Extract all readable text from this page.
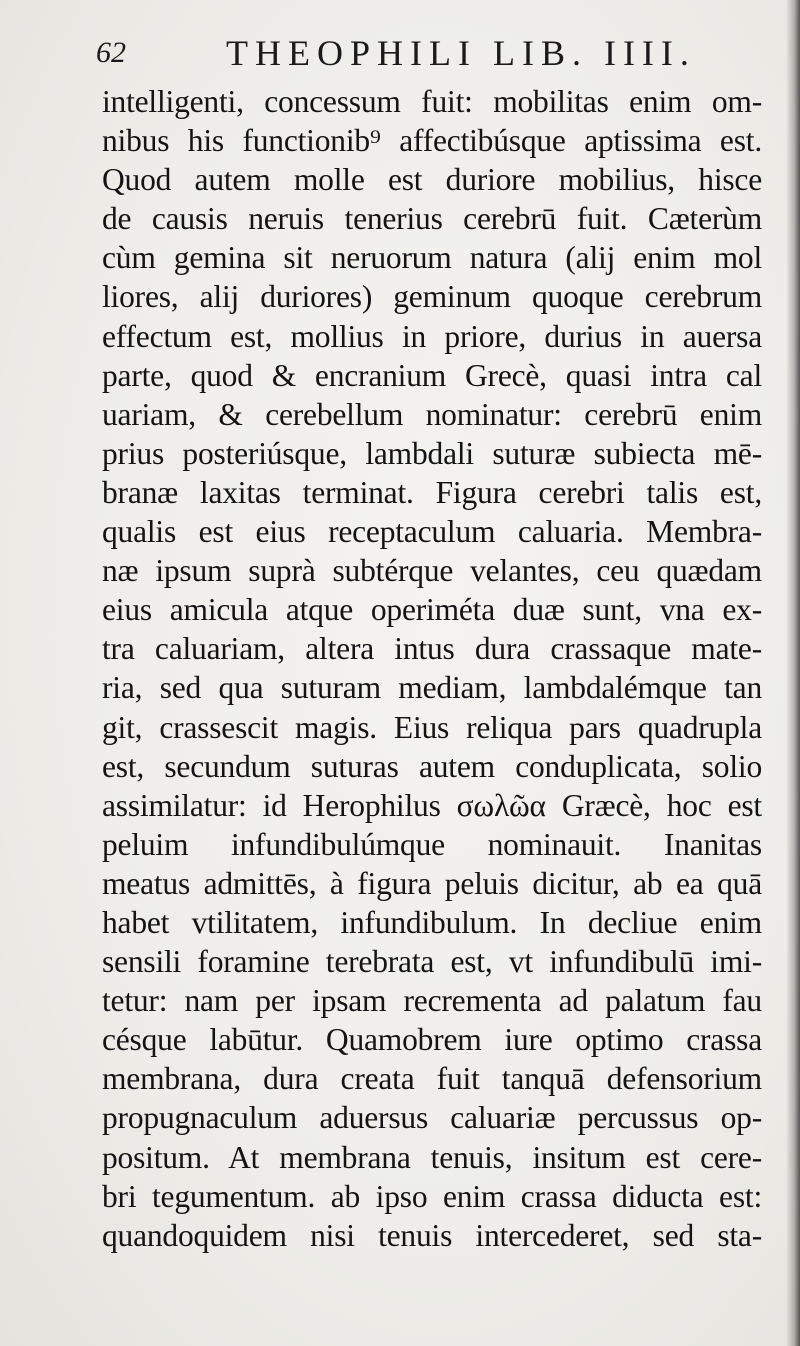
62	THEOPHILI LIB. IIII.
intelligenti, concessum fuit: mobilitas enim om-
nibus his functionib⁹ affectibúsque aptissima est.
Quod autem molle est duriore mobilius, hisce
de causis neruis tenerius cerebrū fuit. Cæterùm
cùm gemina sit neruorum natura (alij enim mol
liores, alij duriores) geminum quoque cerebrum
effectum est, mollius in priore, durius in auersa
parte, quod & encranium Grecè, quasi intra cal
uariam, & cerebellum nominatur: cerebrū enim
prius posteriúsque, lambdali suturæ subiecta mē-
branæ laxitas terminat. Figura cerebri talis est,
qualis est eius receptaculum caluaria. Membra-
næ ipsum suprà subtérque velantes, ceu quædam
eius amicula atque operiméta duæ sunt, vna ex-
tra caluariam, altera intus dura crassaque mate-
ria, sed qua suturam mediam, lambdalémque tan
git, crassescit magis. Eius reliqua pars quadrupla
est, secundum suturas autem conduplicata, solio
assimilatur: id Herophilus σωλῶα Græcè, hoc est
peluim infundibulúmque nominauit. Inanitas
meatus admittēs, à figura peluis dicitur, ab ea quā
habet vtilitatem, infundibulum. In decliue enim
sensili foramine terebrata est, vt infundibulū imi-
tetur: nam per ipsam recrementa ad palatum fau
césque labūtur. Quamobrem iure optimo crassa
membrana, dura creata fuit tanquā defensorium
propugnaculum aduersus caluariæ percussus op-
positum. At membrana tenuis, insitum est cere-
bri tegumentum. ab ipso enim crassa diducta est:
quandoquidem nisi tenuis intercederet, sed sta-
